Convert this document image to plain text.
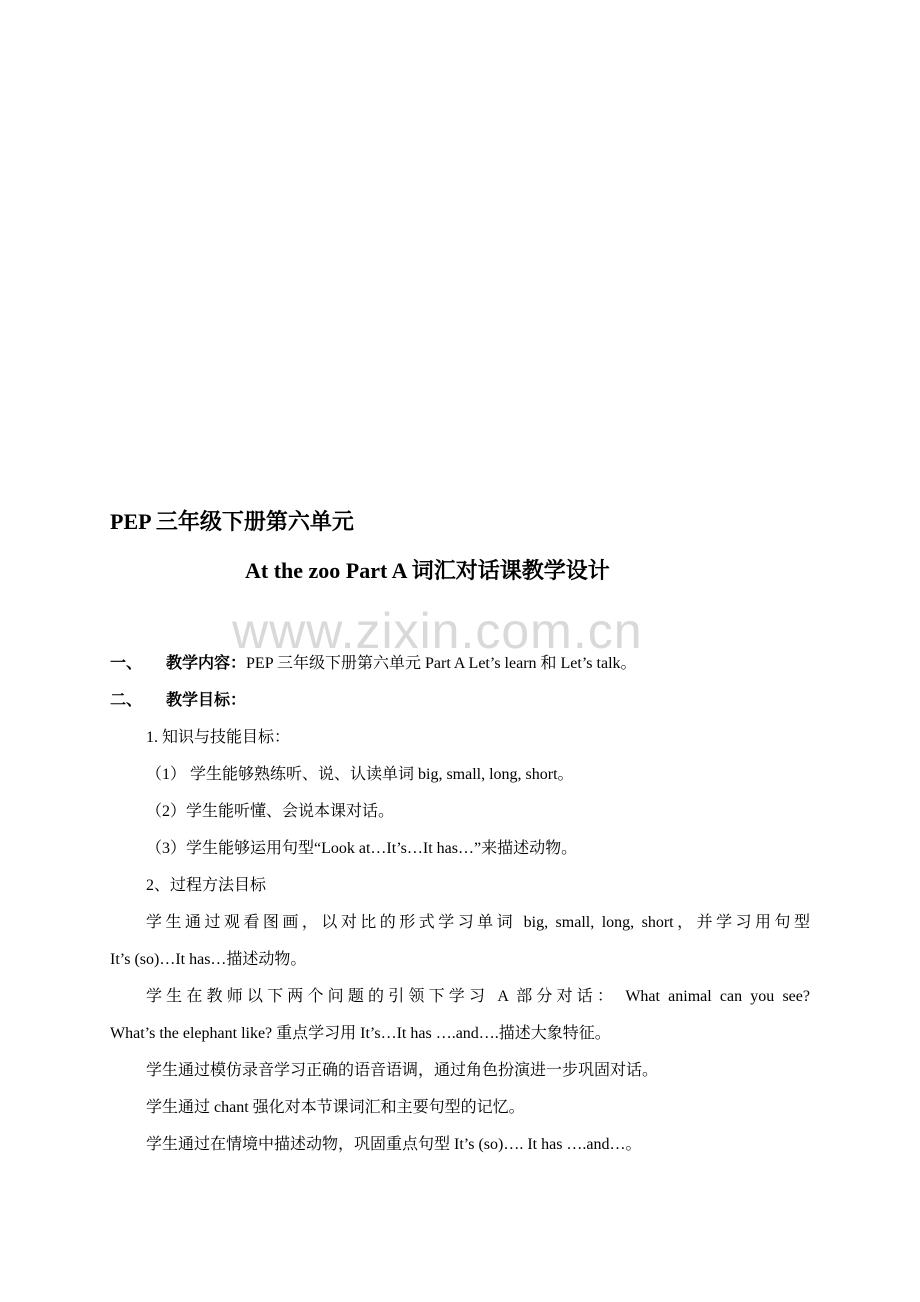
PEP 三年级下册第六单元
At the zoo Part A 词汇对话课教学设计
www.zixin.com.cn
一、 教学内容：PEP 三年级下册第六单元 Part A Let’s learn 和 Let’s talk。
二、 教学目标：
1. 知识与技能目标：
（1） 学生能够熟练听、说、认读单词 big, small, long, short。
（2）学生能听懂、会说本课对话。
（3）学生能够运用句型“Look at…It’s…It has…”来描述动物。
2、过程方法目标
学生通过观看图画，以对比的形式学习单词 big, small, long, short，并学习用句型
It’s (so)…It has…描述动物。
学生在教师以下两个问题的引领下学习 A 部分对话： What animal can you see?
What’s the elephant like? 重点学习用 It’s…It has ….and….描述大象特征。
学生通过模仿录音学习正确的语音语调，通过角色扮演进一步巩固对话。
学生通过 chant 强化对本节课词汇和主要句型的记忆。
学生通过在情境中描述动物，巩固重点句型 It’s (so)…. It has ….and…。
